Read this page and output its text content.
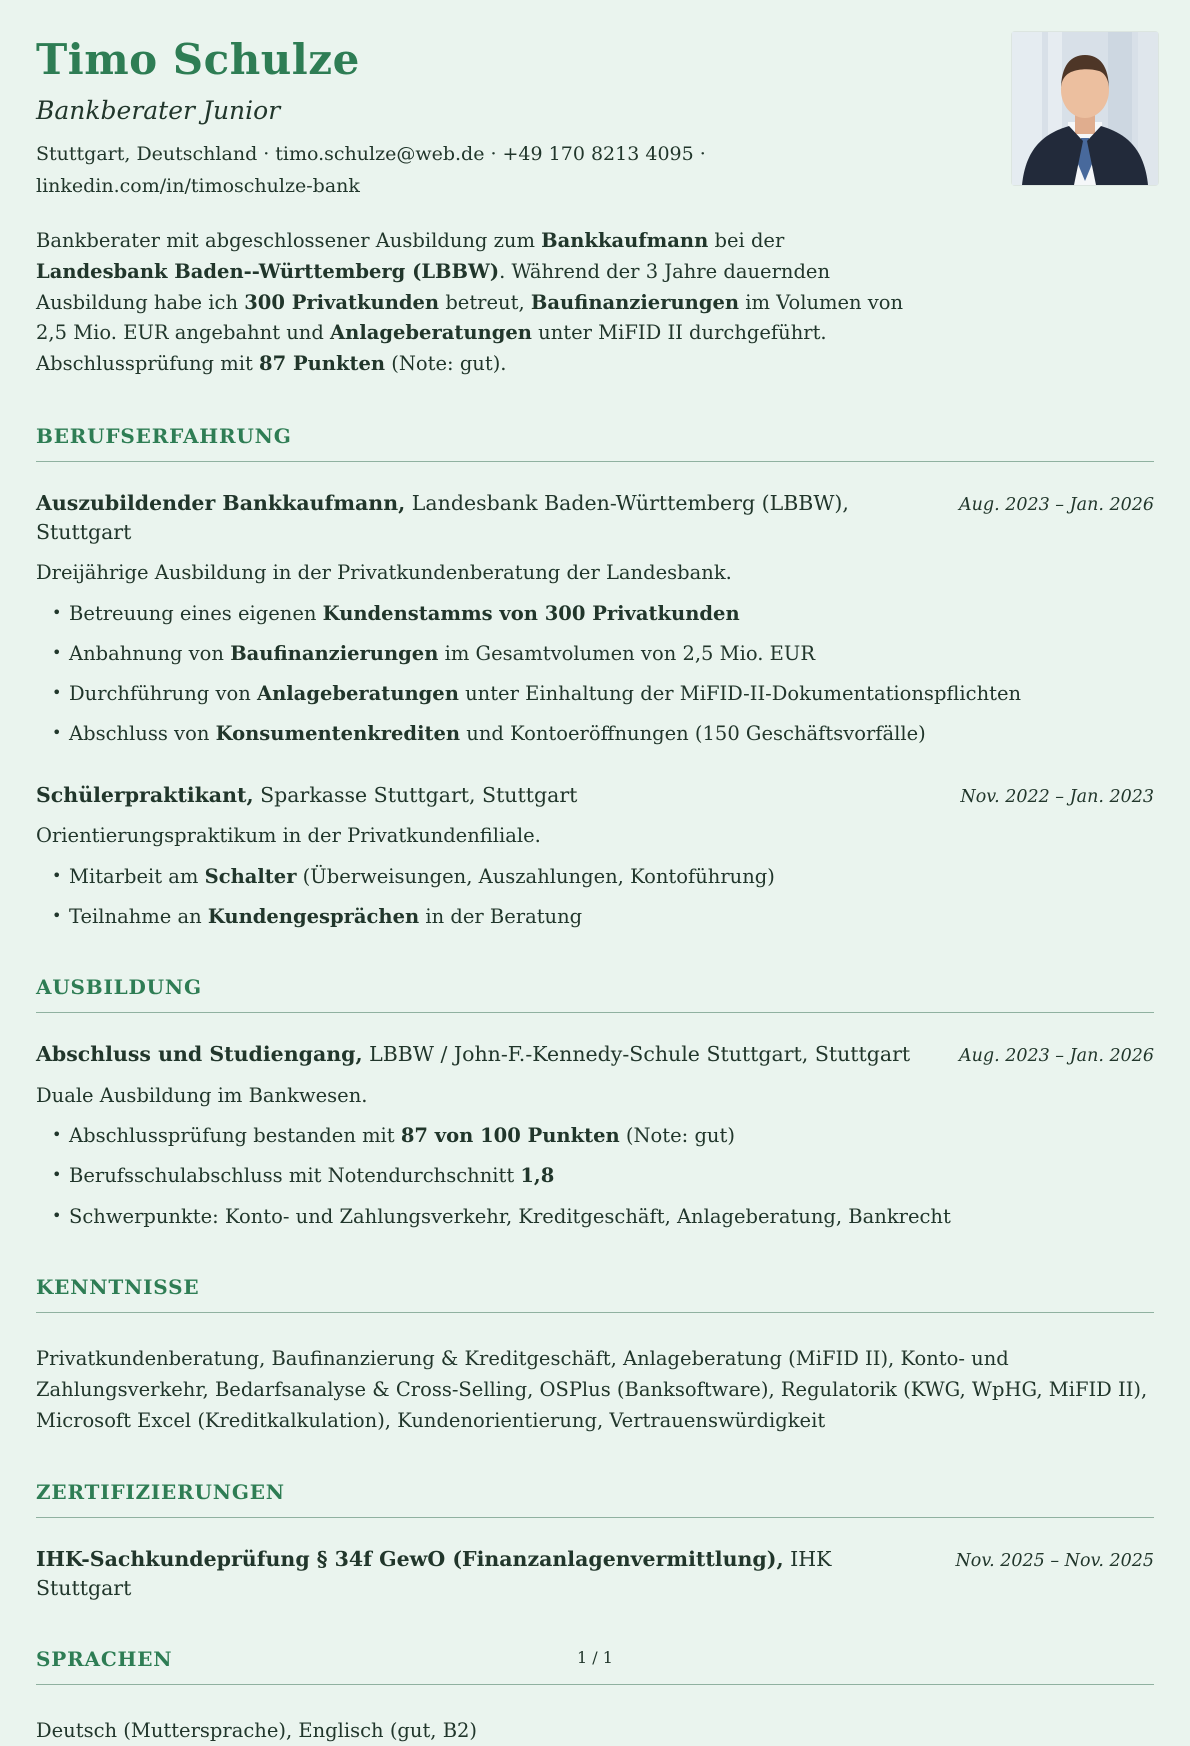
Timo Schulze

Bankberater Junior

Stuttgart, Deutschland · timo.schulze@web.de · +49 170 8213 4095 ·
linkedin.com/in/timoschulze-bank

Bankberater mit abgeschlossener Ausbildung zum Bankkaufmann bei der Landesbank Baden--Württemberg (LBBW). Während der 3 Jahre dauernden Ausbildung habe ich 300 Privatkunden betreut, Baufinanzierungen im Volumen von 2,5 Mio. EUR angebahnt und Anlageberatungen unter MiFID II durchgeführt. Abschlussprüfung mit 87 Punkten (Note: gut).

BERUFSERFAHRUNG

Auszubildender Bankkaufmann, Landesbank Baden-Württemberg (LBBW), Stuttgart

Aug. 2023 – Jan. 2026

Dreijährige Ausbildung in der Privatkundenberatung der Landesbank.

• Betreuung eines eigenen Kundenstamms von 300 Privatkunden
• Anbahnung von Baufinanzierungen im Gesamtvolumen von 2,5 Mio. EUR
• Durchführung von Anlageberatungen unter Einhaltung der MiFID-II-Dokumentationspflichten
• Abschluss von Konsumentenkrediten und Kontoeröffnungen (150 Geschäftsvorfälle)

Schülerpraktikant, Sparkasse Stuttgart, Stuttgart	Nov. 2022 – Jan. 2023

Orientierungspraktikum in der Privatkundenfiliale.

• Mitarbeit am Schalter (Überweisungen, Auszahlungen, Kontoführung)
• Teilnahme an Kundengesprächen in der Beratung
AUSBILDUNG

Abschluss und Studiengang, LBBW / John-F.-Kennedy-Schule Stuttgart, Stuttgart	Aug. 2023 – Jan. 2026

Duale Ausbildung im Bankwesen.

• Abschlussprüfung bestanden mit 87 von 100 Punkten (Note: gut)
• Berufsschulabschluss mit Notendurchschnitt 1,8
• Schwerpunkte: Konto- und Zahlungsverkehr, Kreditgeschäft, Anlageberatung, Bankrecht
KENNTNISSE

Privatkundenberatung, Baufinanzierung & Kreditgeschäft, Anlageberatung (MiFID II), Konto- und Zahlungsverkehr, Bedarfsanalyse & Cross-Selling, OSPlus (Banksoftware), Regulatorik (KWG, WpHG, MiFID II), Microsoft Excel (Kreditkalkulation), Kundenorientierung, Vertrauenswürdigkeit

ZERTIFIZIERUNGEN

IHK-Sachkundeprüfung § 34f GewO (Finanzanlagenvermittlung), IHK Stuttgart

Nov. 2025 – Nov. 2025
SPRACHEN

Deutsch (Muttersprache), Englisch (gut, B2)

1 / 1
